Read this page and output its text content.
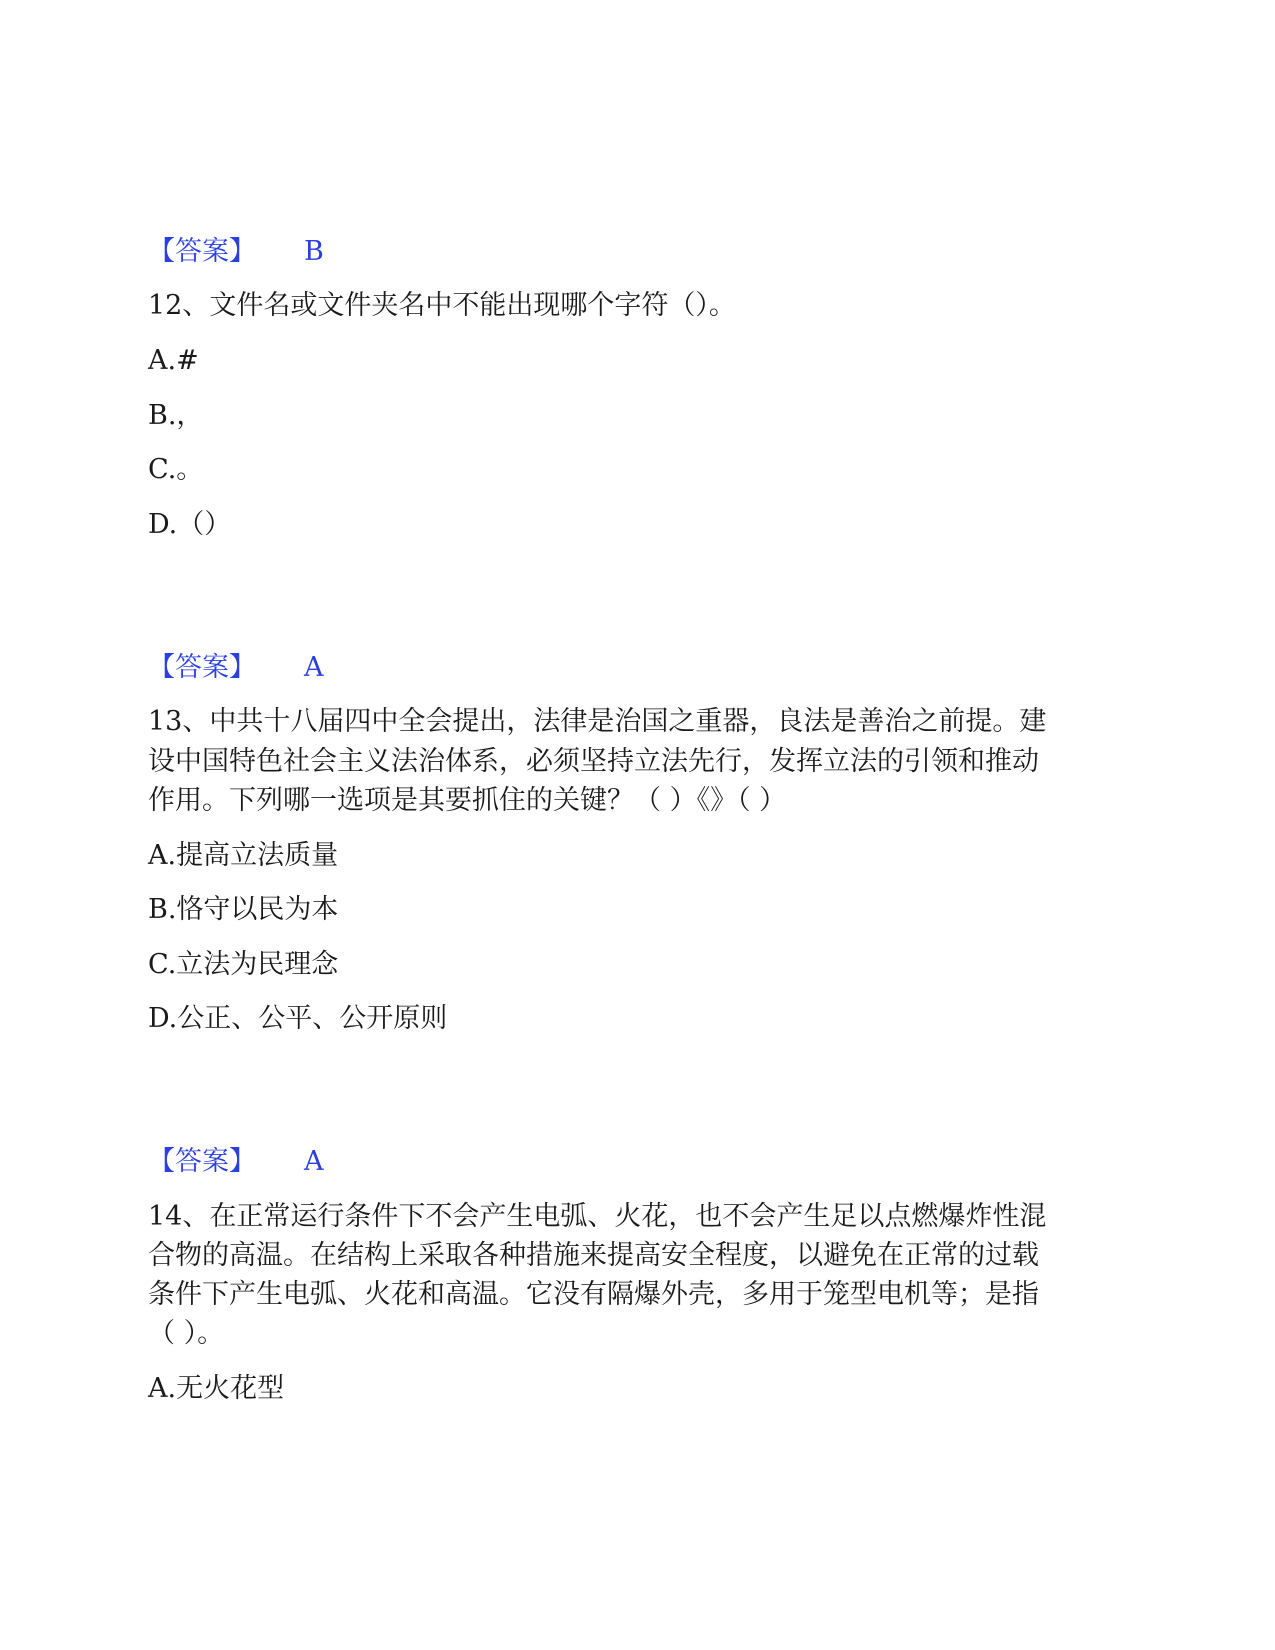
【答案】 B
12、文件名或文件夹名中不能出现哪个字符（）。
A.#
B.，
C.。
D.（）
【答案】 A
13、中共十八届四中全会提出，法律是治国之重器，良法是善治之前提。建
设中国特色社会主义法治体系，必须坚持立法先行，发挥立法的引领和推动
作用。下列哪一选项是其要抓住的关键？（ ）《》（ ）
A.提高立法质量
B.恪守以民为本
C.立法为民理念
D.公正、公平、公开原则
【答案】 A
14、在正常运行条件下不会产生电弧、火花，也不会产生足以点燃爆炸性混
合物的高温。在结构上采取各种措施来提高安全程度，以避免在正常的过载
条件下产生电弧、火花和高温。它没有隔爆外壳，多用于笼型电机等；是指
（ ）。
A.无火花型
